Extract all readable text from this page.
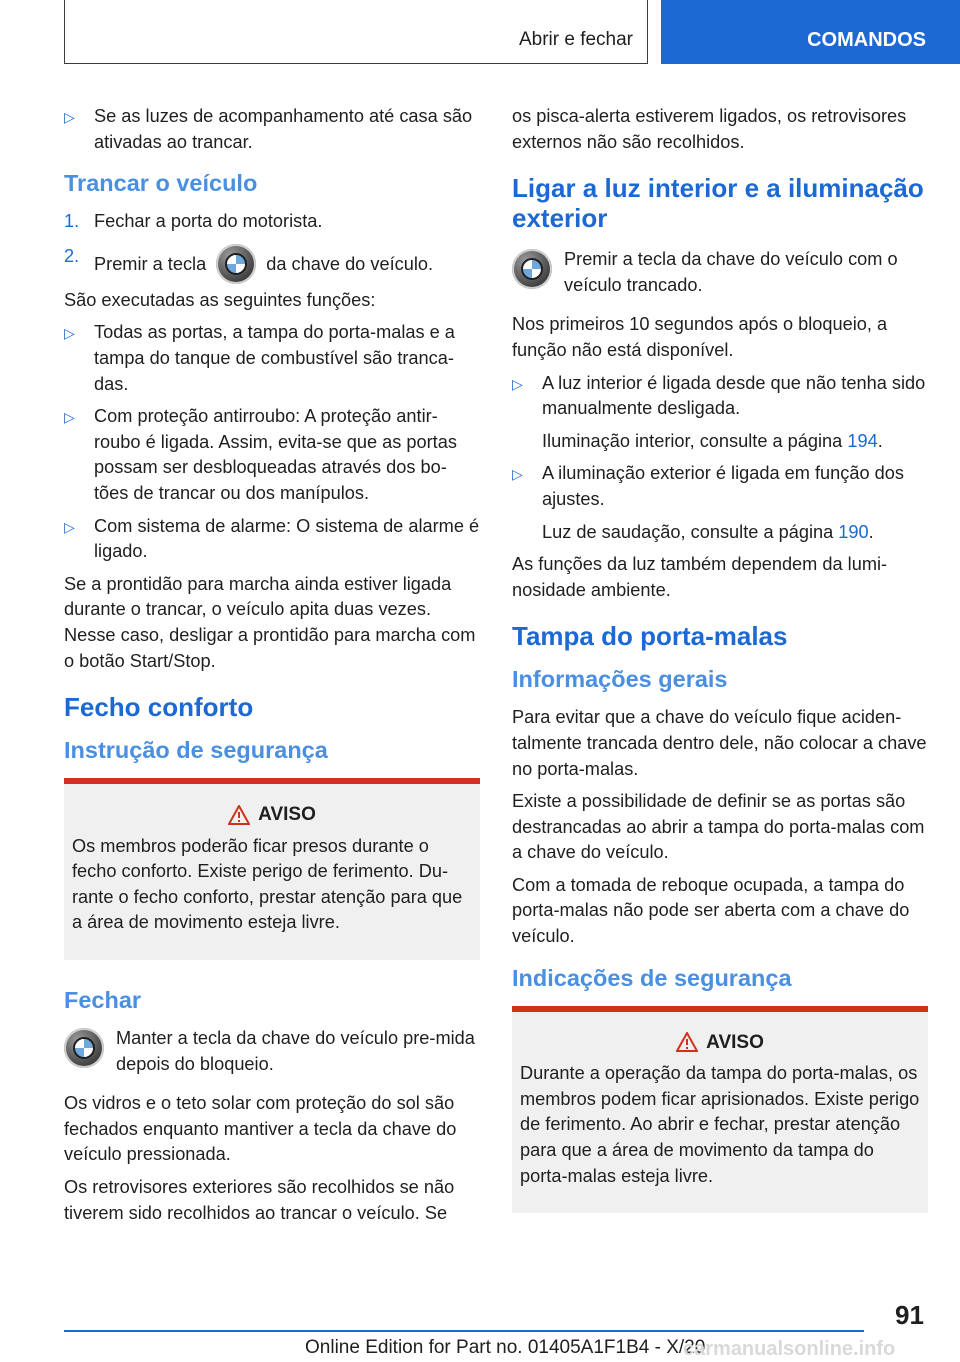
Abrir e fechar	COMANDOS
▷ Se as luzes de acompanhamento até casa são ativadas ao trancar.
Trancar o veículo
1. Fechar a porta do motorista.
2. Premir a tecla	da chave do veículo.

São executadas as seguintes funções:

▷ Todas as portas, a tampa do porta-malas e a tampa do tanque de combustível são tranca-das.
▷ Com proteção antirroubo: A proteção antir-roubo é ligada. Assim, evita-se que as portas possam ser desbloqueadas através dos bo-tões de trancar ou dos manípulos.
▷ Com sistema de alarme: O sistema de alarme é ligado.

Se a prontidão para marcha ainda estiver ligada durante o trancar, o veículo apita duas vezes. Nesse caso, desligar a prontidão para marcha com o botão Start/Stop.

Fecho conforto
Instrução de segurança
AVISO
Os membros poderão ficar presos durante o fecho conforto. Existe perigo de ferimento. Du-rante o fecho conforto, prestar atenção para que a área de movimento esteja livre.
Fechar
Manter a tecla da chave do veículo pre-mida depois do bloqueio.

Os vidros e o teto solar com proteção do sol são fechados enquanto mantiver a tecla da chave do veículo pressionada.

Os retrovisores exteriores são recolhidos se não tiverem sido recolhidos ao trancar o veículo. Se

os pisca-alerta estiverem ligados, os retrovisores externos não são recolhidos.

Ligar a luz interior e a iluminação exterior
Premir a tecla da chave do veículo com o veículo trancado.

Nos primeiros 10 segundos após o bloqueio, a função não está disponível.

▷ A luz interior é ligada desde que não tenha sido manualmente desligada.
Iluminação interior, consulte a página 194.
▷ A iluminação exterior é ligada em função dos ajustes.
Luz de saudação, consulte a página 190.

As funções da luz também dependem da lumi-nosidade ambiente.

Tampa do porta-malas
Informações gerais

Para evitar que a chave do veículo fique aciden-talmente trancada dentro dele, não colocar a chave no porta-malas.

Existe a possibilidade de definir se as portas são destrancadas ao abrir a tampa do porta-malas com a chave do veículo.

Com a tomada de reboque ocupada, a tampa do porta-malas não pode ser aberta com a chave do veículo.

Indicações de segurança
AVISO
Durante a operação da tampa do porta-malas, os membros podem ficar aprisionados. Existe perigo de ferimento. Ao abrir e fechar, prestar atenção para que a área de movimento da tampa do porta-malas esteja livre.
91
Online Edition for Part no. 01405A1F1B4 - X/20
carmanualsonline.info
